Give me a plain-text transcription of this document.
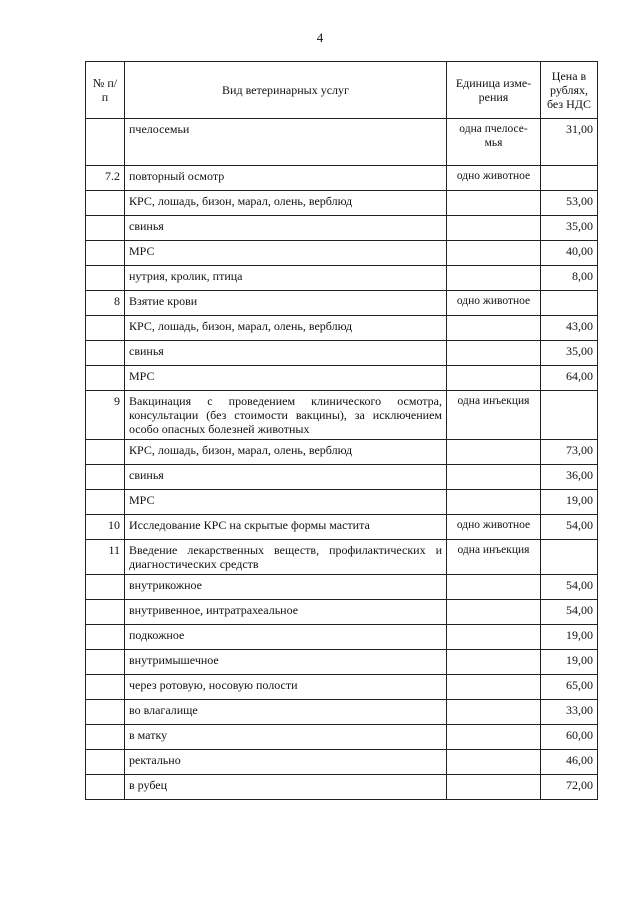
4
№ п/п	Вид ветеринарных услуг	Единица изме-рения	Цена в рублях, без НДС
	пчелосемьи	одна пчелосе-мья	31,00
7.2	повторный осмотр	одно животное	
	КРС, лошадь, бизон, марал, олень, верблюд		53,00
	свинья		35,00
	МРС		40,00
	нутрия, кролик, птица		8,00
8	Взятие крови	одно животное	
	КРС, лошадь, бизон, марал, олень, верблюд		43,00
	свинья		35,00
	МРС		64,00
9	Вакцинация с проведением клинического осмотра, консультации (без стоимости вакцины), за исключением особо опасных болезней животных	одна инъекция	
	КРС, лошадь, бизон, марал, олень, верблюд		73,00
	свинья		36,00
	МРС		19,00
10	Исследование КРС на скрытые формы мастита	одно животное	54,00
11	Введение лекарственных веществ, профилактических и диагностических средств	одна инъекция	
	внутрикожное		54,00
	внутривенное, интратрахеальное		54,00
	подкожное		19,00
	внутримышечное		19,00
	через ротовую, носовую полости		65,00
	во влагалище		33,00
	в матку		60,00
	ректально		46,00
	в рубец		72,00
